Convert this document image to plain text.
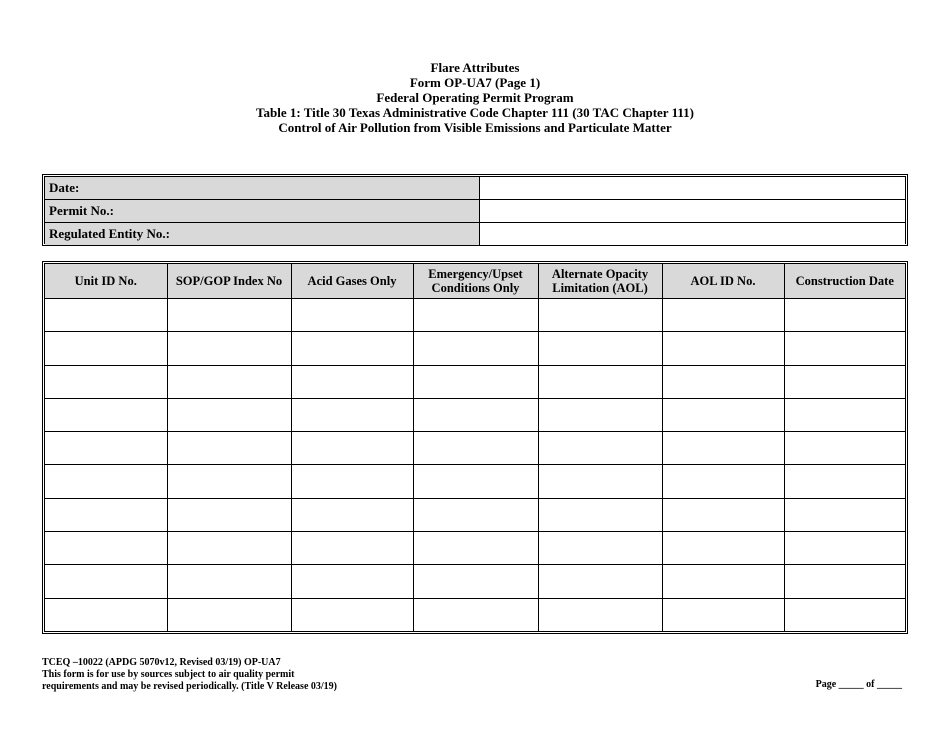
Flare Attributes
Form OP-UA7 (Page 1)
Federal Operating Permit Program
Table 1: Title 30 Texas Administrative Code Chapter 111 (30 TAC Chapter 111)
Control of Air Pollution from Visible Emissions and Particulate Matter
Date:	
Permit No.:	
Regulated Entity No.:	
Unit ID No.	SOP/GOP Index No	Acid Gases Only	Emergency/Upset Conditions Only	Alternate Opacity Limitation (AOL)	AOL ID No.	Construction Date

TCEQ –10022 (APDG 5070v12, Revised 03/19) OP-UA7
This form is for use by sources subject to air quality permit
requirements and may be revised periodically. (Title V Release 03/19)	Page _____ of _____
